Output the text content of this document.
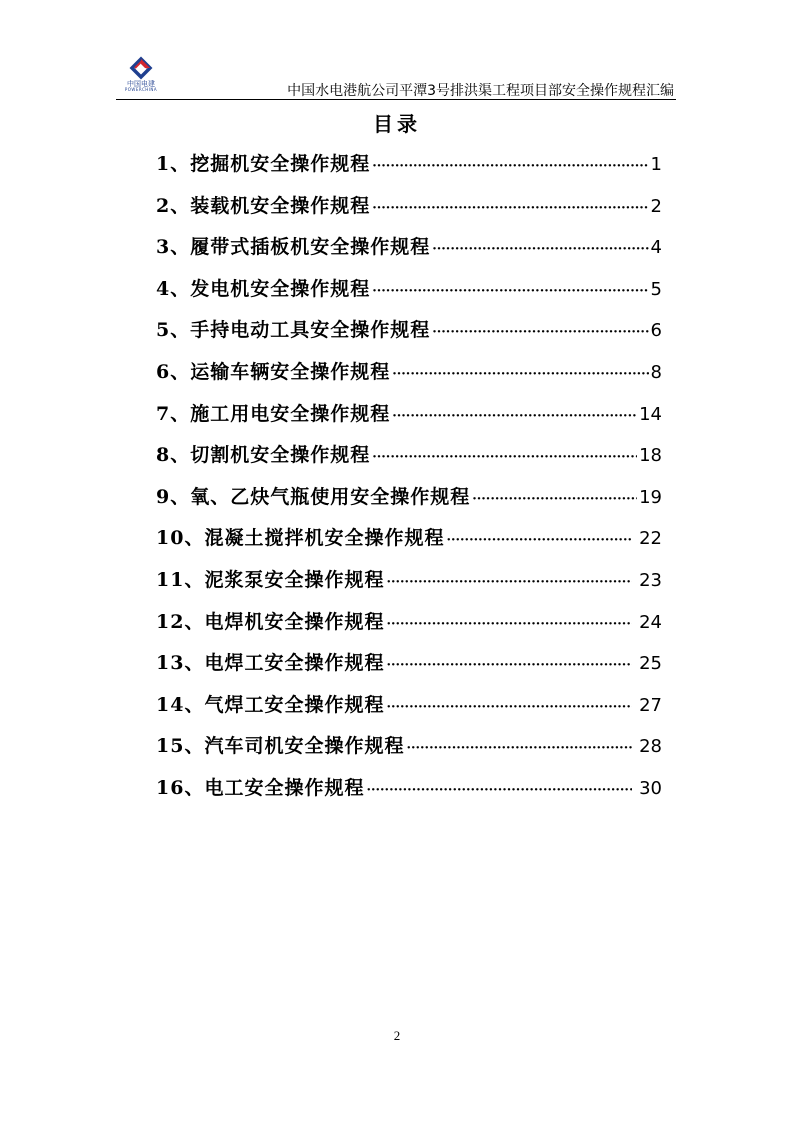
中国电建
POWERCHINA	中国水电港航公司平潭3号排洪渠工程项目部安全操作规程汇编
目录
1、挖掘机安全操作规程 ·····	1
2、装载机安全操作规程 ·····	2
3、履带式插板机安全操作规程 ·····	4
4、发电机安全操作规程 ·····	5
5、手持电动工具安全操作规程 ·····	6
6、运输车辆安全操作规程 ·····	8
7、施工用电安全操作规程 ·····	14
8、切割机安全操作规程 ·····	18
9、氧、乙炔气瓶使用安全操作规程 ·····	19
10、混凝土搅拌机安全操作规程 ·····	22
11、泥浆泵安全操作规程 ·····	23
12、电焊机安全操作规程 ·····	24
13、电焊工安全操作规程 ·····	25
14、气焊工安全操作规程 ·····	27
15、汽车司机安全操作规程 ·····	28
16、电工安全操作规程 ·····	30
2
